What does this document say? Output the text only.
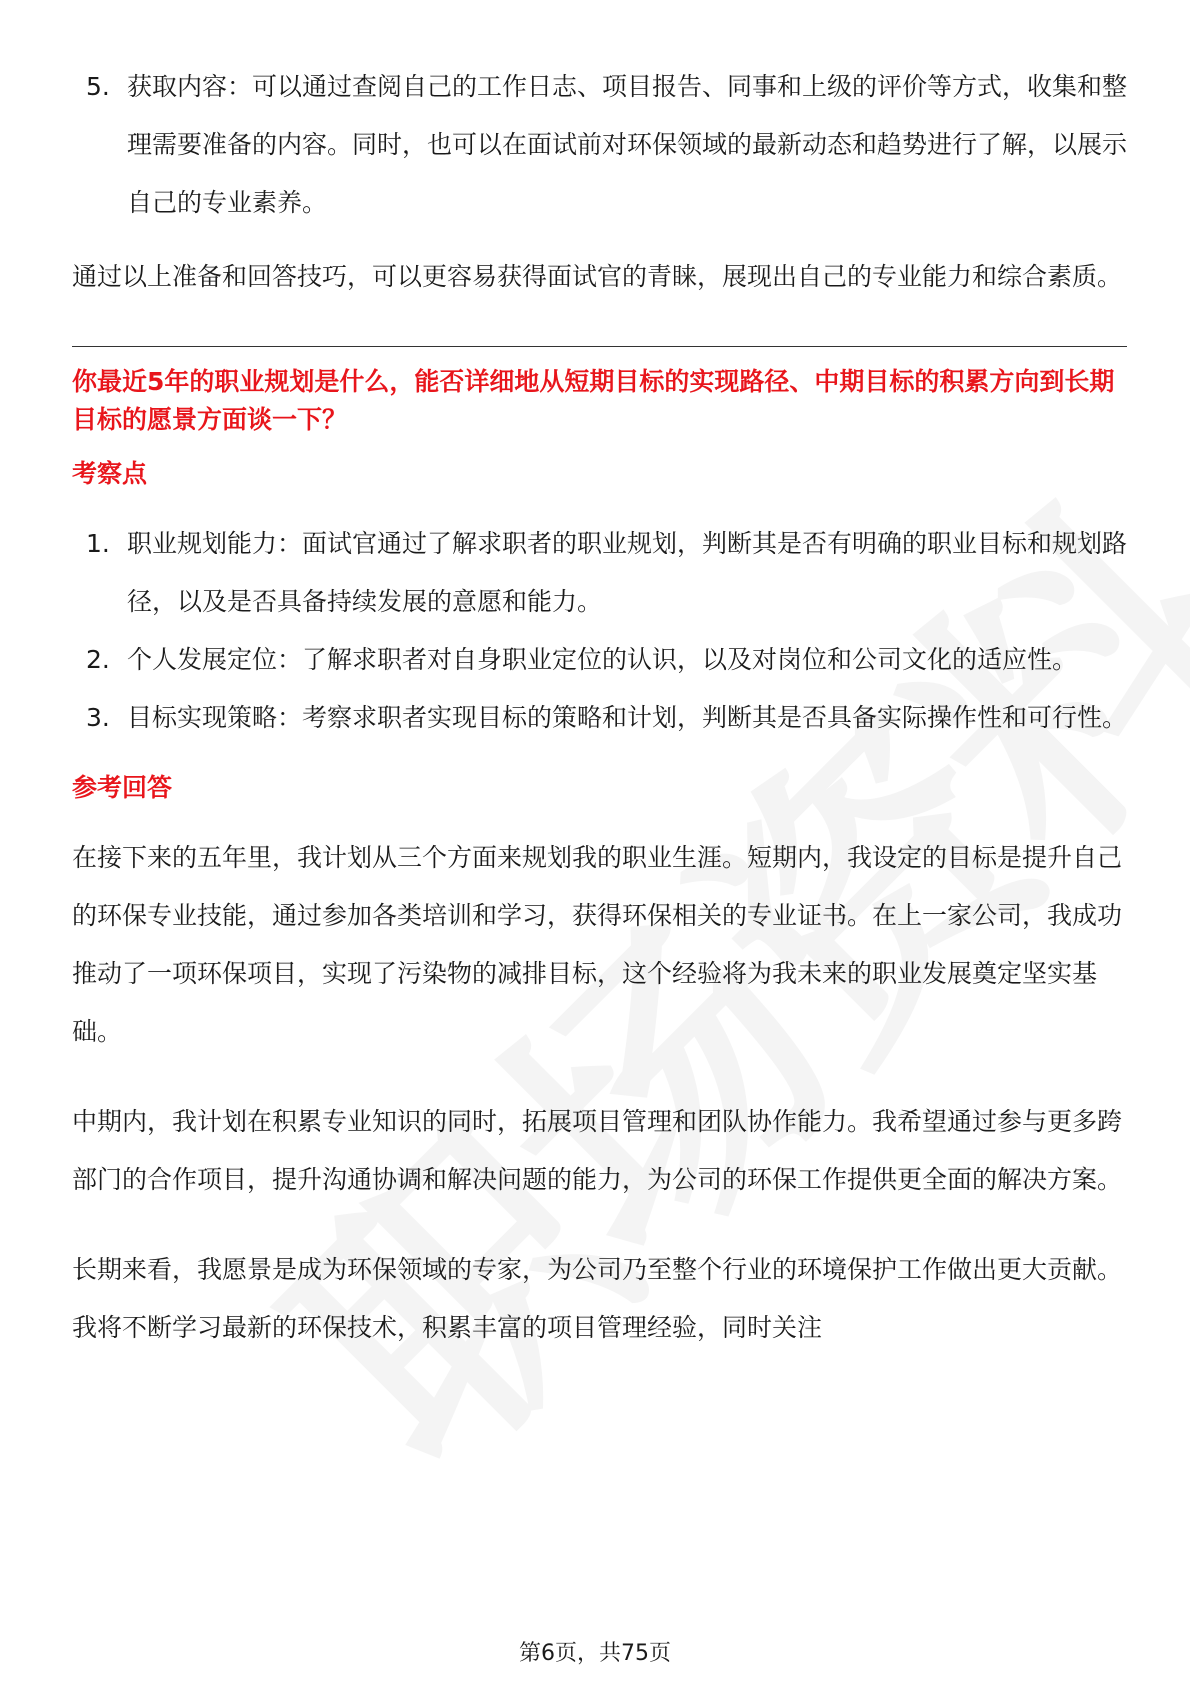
5. 获取内容：可以通过查阅自己的工作日志、项目报告、同事和上级的评价等方式，收集和整理需要准备的内容。同时，也可以在面试前对环保领域的最新动态和趋势进行了解，以展示自己的专业素养。

通过以上准备和回答技巧，可以更容易获得面试官的青睐，展现出自己的专业能力和综合素质。

你最近5年的职业规划是什么，能否详细地从短期目标的实现路径、中期目标的积累方向到长期目标的愿景方面谈一下？

考察点

1. 职业规划能力：面试官通过了解求职者的职业规划，判断其是否有明确的职业目标和规划路径，以及是否具备持续发展的意愿和能力。
2. 个人发展定位：了解求职者对自身职业定位的认识，以及对岗位和公司文化的适应性。
3. 目标实现策略：考察求职者实现目标的策略和计划，判断其是否具备实际操作性和可行性。

参考回答

在接下来的五年里，我计划从三个方面来规划我的职业生涯。短期内，我设定的目标是提升自己的环保专业技能，通过参加各类培训和学习，获得环保相关的专业证书。在上一家公司，我成功推动了一项环保项目，实现了污染物的减排目标，这个经验将为我未来的职业发展奠定坚实基础。

中期内，我计划在积累专业知识的同时，拓展项目管理和团队协作能力。我希望通过参与更多跨部门的合作项目，提升沟通协调和解决问题的能力，为公司的环保工作提供更全面的解决方案。

长期来看，我愿景是成为环保领域的专家，为公司乃至整个行业的环境保护工作做出更大贡献。我将不断学习最新的环保技术，积累丰富的项目管理经验，同时关注

第6页，共75页
